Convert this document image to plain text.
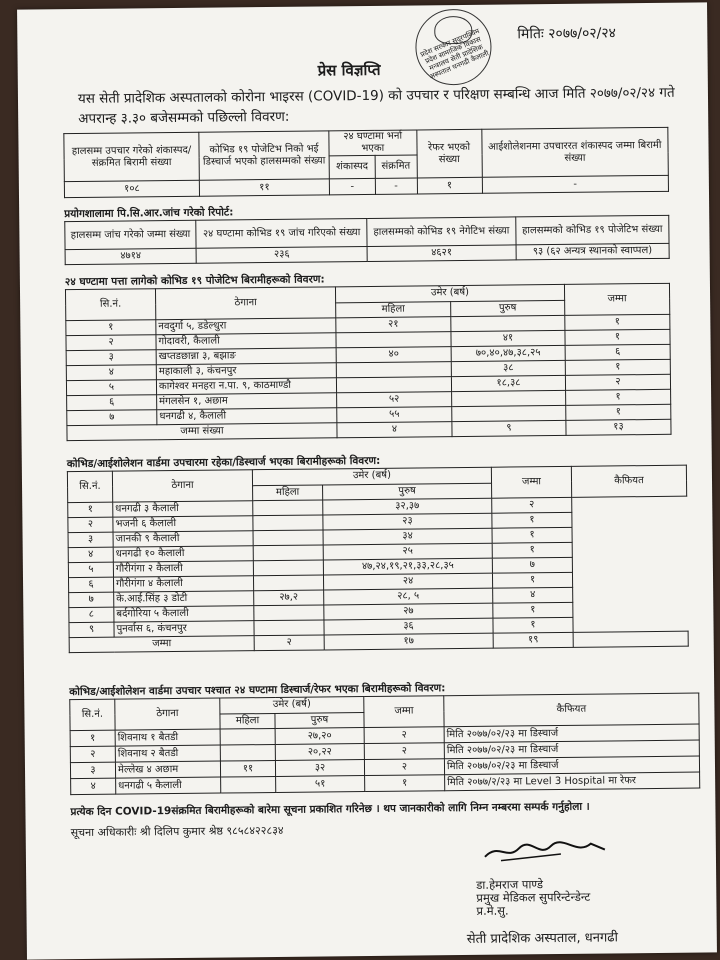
प्रदेश सरकार सुदूरपश्चिम प्रदेश सामाजिक विकास मन्त्रालय सेती प्रादेशिक अस्पताल धनगढी कैलाली
मितिः २०७७/०२/२४
प्रेस विज्ञप्ति
यस सेती प्रादेशिक अस्पतालको कोरोना भाइरस (COVID-19) को उपचार र परिक्षण सम्बन्धि आज मिति २०७७/०२/२४ गते अपरान्ह ३.३० बजेसम्मको पछिल्लो विवरण:
हालसम्म उपचार गरेको शंकास्पद/संक्रमित बिरामी संख्या	कोभिड १९ पोजेटिभ निको भई डिस्चार्ज भएको हालसम्मको संख्या	२४ घण्टामा भर्ना भएका		रेफर भएको संख्या	आईशोलेशनमा उपचाररत शंकास्पद जम्मा बिरामी संख्या
		शंकास्पद	संक्रमित		
१०८	११	-	-	१	-
प्रयोगशालामा पि.सि.आर.जांच गरेको रिपोर्ट:
हालसम्म जांच गरेको जम्मा संख्या	२४ घण्टामा कोभिड १९ जांच गरिएको संख्या	हालसम्मको कोभिड १९ नेगेटिभ संख्या	हालसम्मको कोभिड १९ पोजेटिभ संख्या
४७१४	२३६	४६२१	९३ (६२ अन्यत्र स्थानको स्वाप्पल)
२४ घण्टामा पत्ता लागेको कोभिड १९ पोजेटिभ बिरामीहरूको विवरण:
सि.नं.	ठेगाना	उमेर (बर्ष)		जम्मा
		महिला	पुरुष	
१	नवदुर्गा ५, डडेल्धुरा	२१		१
२	गोदावरी, कैलाली		४१	१
३	खप्तडछान्ना ३, बझाङ	४०	७०,४०,४७,३८,२५	६
४	महाकाली ३, कंचनपुर		३८	१
५	कागेश्वर मनहरा न.पा. ९, काठमाण्डौ		१८,३८	२
६	मंगलसेन १, अछाम	५२		१
७	धनगढी ४, कैलाली	५५		१
जम्मा संख्या		४	९	१३
कोभिड/आईशोलेशन वार्डमा उपचारमा रहेका/डिस्चार्ज भएका बिरामीहरूको विवरण:
सि.नं.	ठेगाना	उमेर (बर्ष)		जम्मा	कैफियत
		महिला	पुरुष		
१	धनगढी ३ कैलाली		३२,३७	२	
२	भजनी ६ कैलाली		२३	१	
३	जानकी ९ कैलाली		३४	१	
४	धनगढी १० कैलाली		२५	१	
५	गौरीगंगा २ कैलाली		४७,२४,१९,२१,३३,२८,३५	७	
६	गौरीगंगा ४ कैलाली		२४	१	
७	के.आई.सिंह ३ डोटी	२७,२	२८, ५	४	
८	बर्दगोरिया ५ कैलाली		२७	१	
९	पुनर्वास ६, कंचनपुर		३६	१	
जम्मा		२	१७	१९	
कोभिड/आईशोलेशन वार्डमा उपचार पश्चात २४ घण्टामा डिस्चार्ज/रेफर भएका बिरामीहरूको विवरण:
सि.नं.	ठेगाना	उमेर (बर्ष)		जम्मा	कैफियत
		महिला	पुरुष		
१	शिवनाथ १ बैतडी		२७,२०	२	मिति २०७७/०२/२३ मा डिस्चार्ज
२	शिवनाथ २ बैतडी		२०,२२	२	मिति २०७७/०२/२३ मा डिस्चार्ज
३	मेल्लेख ४ अछाम	११	३२	२	मिति २०७७/०२/२३ मा डिस्चार्ज
४	धनगढी ५ कैलाली		५१	१	मिति २०७७/२/२३ मा Level 3 Hospital मा रेफर
प्रत्येक दिन COVID-19संक्रमित बिरामीहरूको बारेमा सूचना प्रकाशित गरिनेछ । थप जानकारीको लागि निम्न नम्बरमा सम्पर्क गर्नुहोला ।
सूचना अधिकारीः श्री दिलिप कुमार श्रेष्ठ ९८५८४२२८३४
डा.हेमराज पाण्डे
प्रमुख मेडिकल सुपरिन्टेन्डेन्ट
प्र.मे.सु.
सेती प्रादेशिक अस्पताल, धनगढी
